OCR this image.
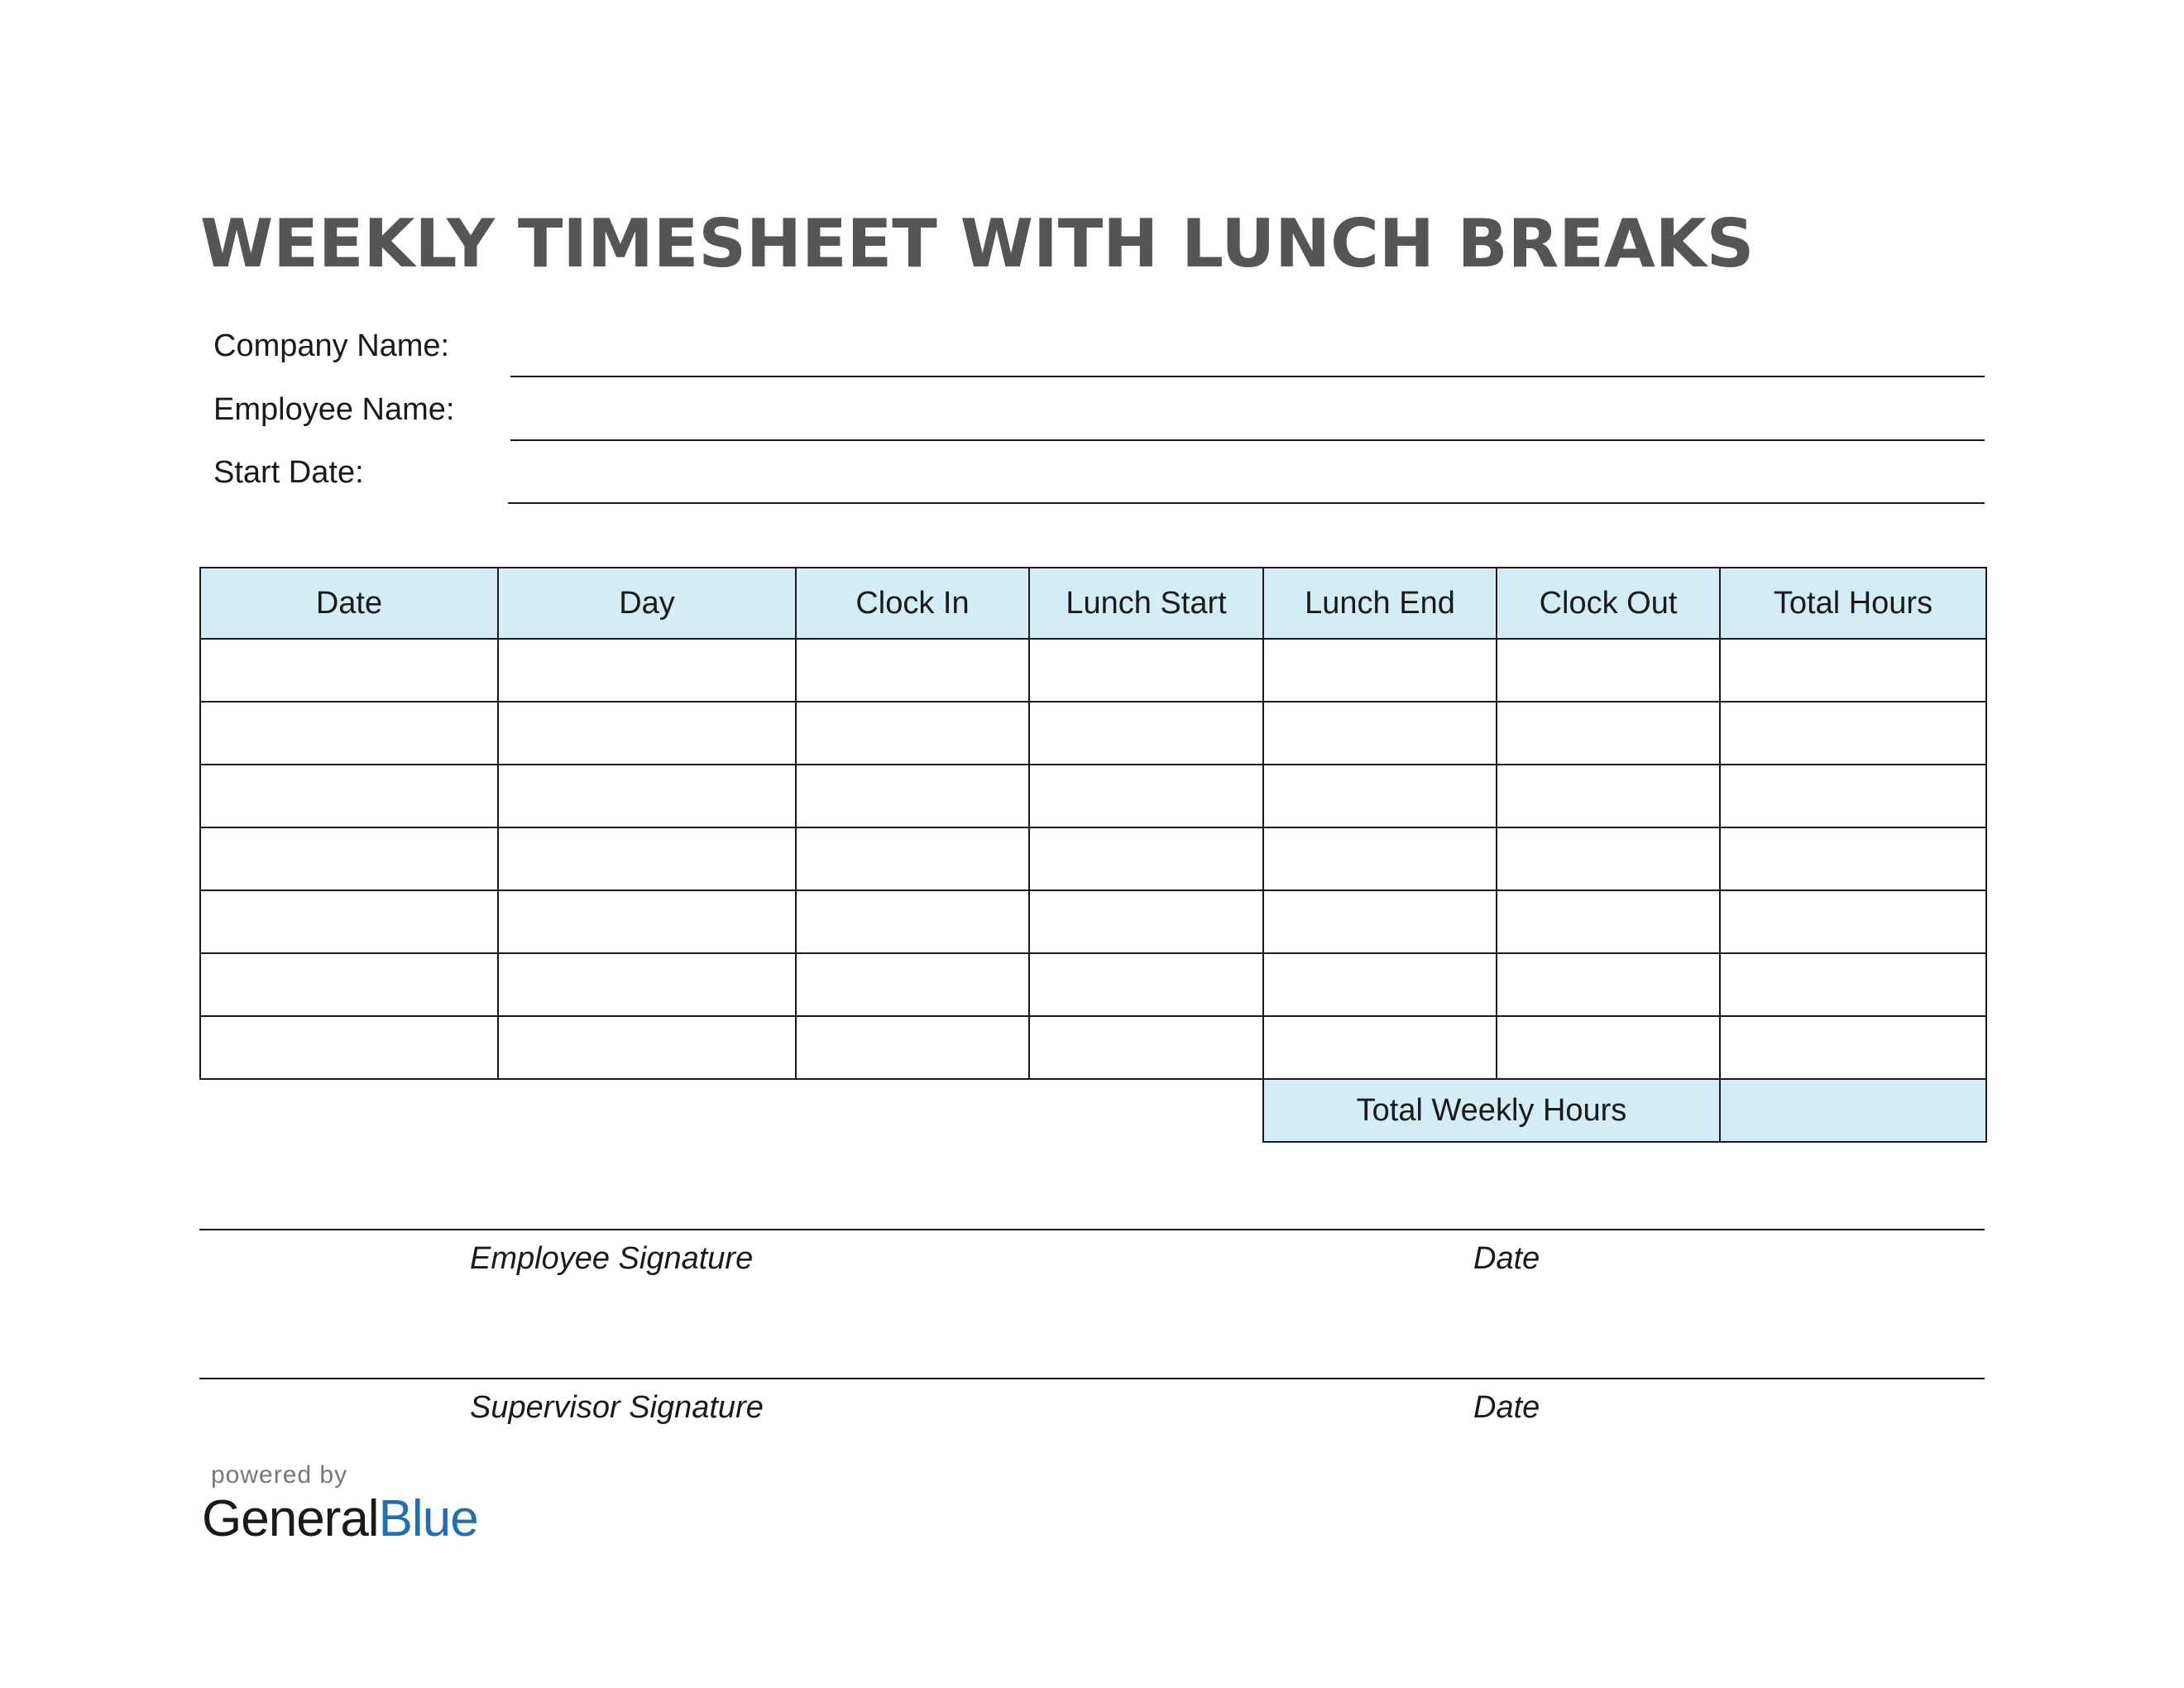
WEEKLY TIMESHEET WITH LUNCH BREAKS
Company Name:
Employee Name:
Start Date:
Date	Day	Clock In	Lunch Start	Lunch End	Clock Out	Total Hours

				Total Weekly Hours		
Employee Signature	Date
Supervisor Signature	Date
powered by
GeneralBlue
